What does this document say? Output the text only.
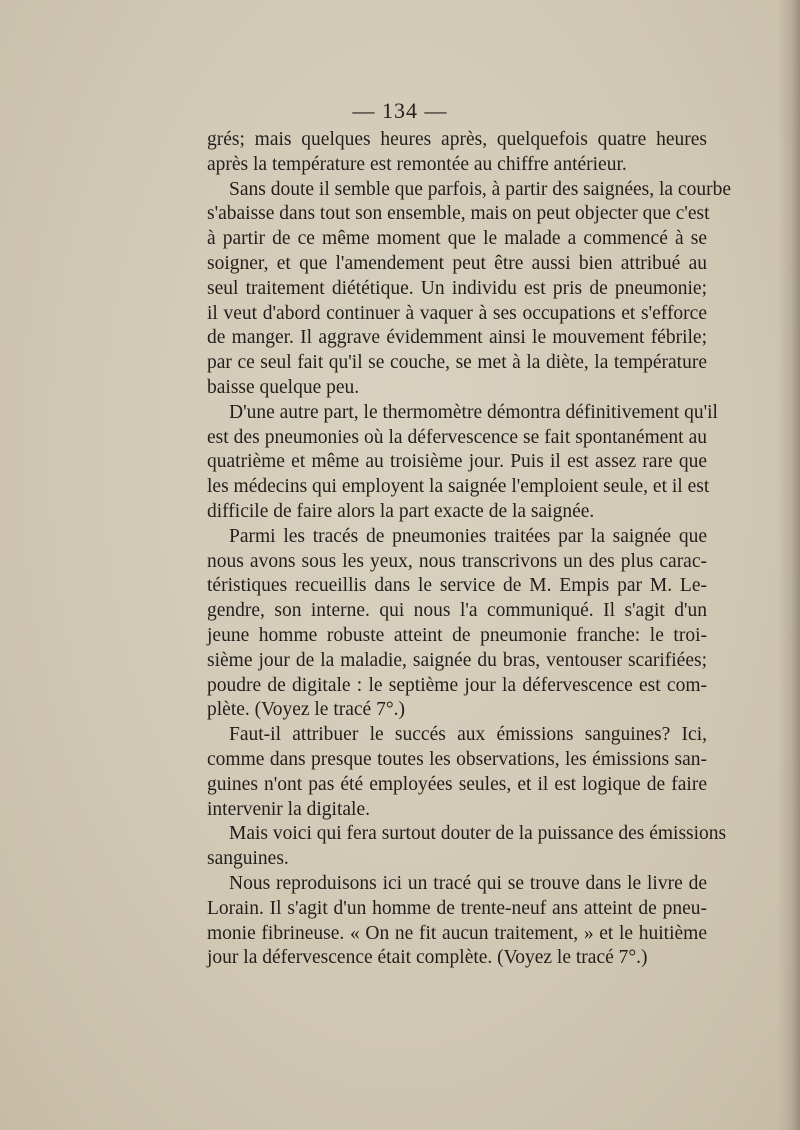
— 134 —
grés; mais quelques heures après, quelquefois quatre heures
après la température est remontée au chiffre antérieur.
Sans doute il semble que parfois, à partir des saignées, la courbe
s'abaisse dans tout son ensemble, mais on peut objecter que c'est
à partir de ce même moment que le malade a commencé à se
soigner, et que l'amendement peut être aussi bien attribué au
seul traitement diététique. Un individu est pris de pneumonie;
il veut d'abord continuer à vaquer à ses occupations et s'efforce
de manger. Il aggrave évidemment ainsi le mouvement fébrile;
par ce seul fait qu'il se couche, se met à la diète, la température
baisse quelque peu.
D'une autre part, le thermomètre démontra définitivement qu'il
est des pneumonies où la défervescence se fait spontanément au
quatrième et même au troisième jour. Puis il est assez rare que
les médecins qui employent la saignée l'emploient seule, et il est
difficile de faire alors la part exacte de la saignée.
Parmi les tracés de pneumonies traitées par la saignée que
nous avons sous les yeux, nous transcrivons un des plus carac-
téristiques recueillis dans le service de M. Empis par M. Le-
gendre, son interne. qui nous l'a communiqué. Il s'agit d'un
jeune homme robuste atteint de pneumonie franche: le troi-
sième jour de la maladie, saignée du bras, ventouser scarifiées;
poudre de digitale : le septième jour la défervescence est com-
plète. (Voyez le tracé 7°.)
Faut-il attribuer le succés aux émissions sanguines? Ici,
comme dans presque toutes les observations, les émissions san-
guines n'ont pas été employées seules, et il est logique de faire
intervenir la digitale.
Mais voici qui fera surtout douter de la puissance des émissions
sanguines.
Nous reproduisons ici un tracé qui se trouve dans le livre de
Lorain. Il s'agit d'un homme de trente-neuf ans atteint de pneu-
monie fibrineuse. « On ne fit aucun traitement, » et le huitième
jour la défervescence était complète. (Voyez le tracé 7°.)
